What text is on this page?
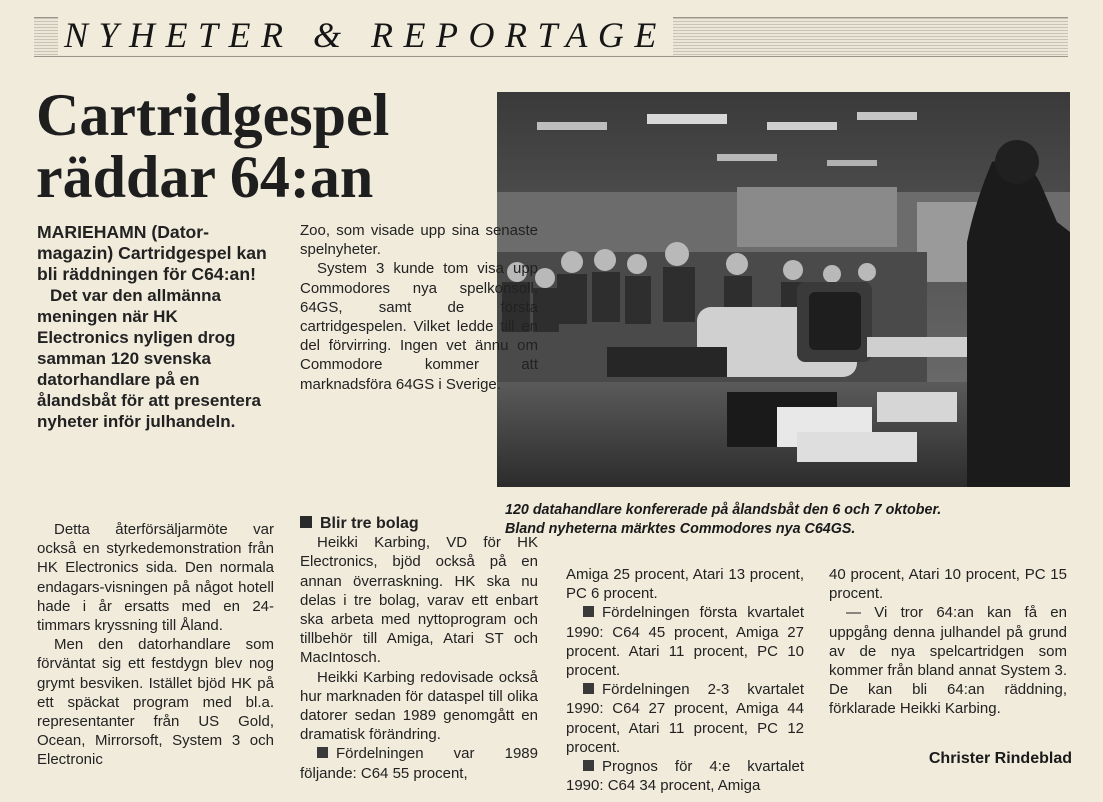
NYHETER & REPORTAGE
Cartridgespel
räddar 64:an
120 datahandlare konfererade på ålandsbåt den 6 och 7 oktober.
Bland nyheterna märktes Commodores nya C64GS.
MARIEHAMN (Dator-magazin) Cartridgespel kan bli räddningen för C64:an!

Det var den allmänna meningen när HK Electronics nyligen drog samman 120 svenska datorhandlare på en ålandsbåt för att presentera nyheter inför julhandeln.

Detta återförsäljarmöte var också en styrkedemonstration från HK Electronics sida. Den normala endagars-visningen på något hotell hade i år ersatts med en 24-timmars kryssning till Åland.

Men den datorhandlare som förväntat sig ett festdygn blev nog grymt besviken. Istället bjöd HK på ett späckat program med bl.a. representanter från US Gold, Ocean, Mirrorsoft, System 3 och Electronic

Zoo, som visade upp sina senaste spelnyheter.

System 3 kunde tom visa upp Commodores nya spelkonsoll, 64GS, samt de första cartridgespelen. Vilket ledde till en del förvirring. Ingen vet ännu om Commodore kommer att marknadsföra 64GS i Sverige.

Blir tre bolag

Heikki Karbing, VD för HK Electronics, bjöd också på en annan överraskning. HK ska nu delas i tre bolag, varav ett enbart ska arbeta med nyttoprogram och tillbehör till Amiga, Atari ST och MacIntosch.

Heikki Karbing redovisade också hur marknaden för dataspel till olika datorer sedan 1989 genomgått en dramatisk förändring.

Fördelningen var 1989 följande: C64 55 procent,

Amiga 25 procent, Atari 13 procent, PC 6 procent.

Fördelningen första kvartalet 1990: C64 45 procent, Amiga 27 procent. Atari 11 procent, PC 10 procent.

Fördelningen 2-3 kvartalet 1990: C64 27 procent, Amiga 44 procent, Atari 11 procent, PC 12 procent.

Prognos för 4:e kvartalet 1990: C64 34 procent, Amiga

40 procent, Atari 10 procent, PC 15 procent.

— Vi tror 64:an kan få en uppgång denna julhandel på grund av de nya spelcartridgen som kommer från bland annat System 3. De kan bli 64:an räddning, förklarade Heikki Karbing.

Christer Rindeblad
